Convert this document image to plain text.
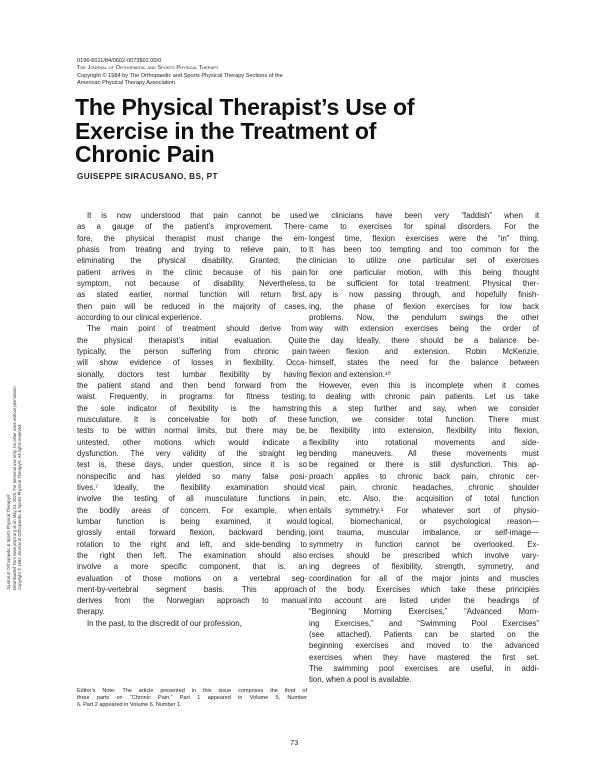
0196-6011/84/0602-0073$02.00/0
The Journal of Orthopaedic and Sports Physical Therapy
Copyright © 1984 by The Orthopaedic and Sports Physical Therapy Sections of the
American Physical Therapy Association
The Physical Therapist’s Use of
Exercise in the Treatment of
Chronic Pain
GUISEPPE SIRACUSANO, BS, PT
It is now understood that pain cannot be used
as a gauge of the patient’s improvement. There-
fore, the physical therapist must change the em-
phasis from treating and trying to relieve pain, to
eliminating the physical disability. Granted, the
patient arrives in the clinic because of his pain
symptom, not because of disability. Nevertheless,
as stated earlier, normal function will return first,
then pain will be reduced in the majority of cases,
according to our clinical experience.
The main point of treatment should derive from
the physical therapist’s initial evaluation. Quite
typically, the person suffering from chronic pain
will show evidence of losses in flexibility. Occa-
sionally, doctors test lumbar flexibility by having
the patient stand and then bend forward from the
waist. Frequently, in programs for fitness testing,
the sole indicator of flexibility is the hamstring
musculature. It is conceivable for both of these
tests to be within normal limits, but there may be,
untested, other motions which would indicate a
dysfunction. The very validity of the straight leg
test is, these days, under question, since it is so
nonspecific and has yielded so many false posi-
tives.⁷ Ideally, the flexibility examination should
involve the testing of all musculature functions in
the bodily areas of concern. For example, when
lumbar function is being examined, it would
grossly entail forward flexion, backward bending,
rotation to the right and left, and side-bending to
the right then left. The examination should also
involve a more specific component, that is, an
evaluation of those motions on a vertebral seg-
ment-by-vertebral segment basis. This approach
derives from the Norwegian approach to manual
therapy.
In the past, to the discredit of our profession,
we clinicians have been very “faddish” when it
came to exercises for spinal disorders. For the
longest time, flexion exercises were the “in” thing.
It has been too tempting and too common for the
clinician to utilize one particular set of exercises
for one particular motion, with this being thought
to be sufficient for total treatment. Physical ther-
apy is now passing through, and hopefully finish-
ing, the phase of flexion exercises for low back
problems. Now, the pendulum swings the other
way with extension exercises being the order of
the day. Ideally, there should be a balance be-
tween flexion and extension. Robin McKenzie,
himself, states the need for the balance between
flexion and extension.¹⁰
However, even this is incomplete when it comes
to dealing with chronic pain patients. Let us take
this a step further and say, when we consider
function, we consider total function. There must
be flexibility into extension, flexibility into flexion,
flexibility into rotational movements and side-
bending maneuvers. All these movements must
be regained or there is still dysfunction. This ap-
proach applies to chronic back pain, chronic cer-
vical pain, chronic headaches, chronic shoulder
pain, etc. Also, the acquisition of total function
entails symmetry.¹ For whatever sort of physio-
logical, biomechanical, or psychological reason—
joint trauma, muscular imbalance, or self-image—
symmetry in function cannot be overlooked. Ex-
ercises should be prescribed which involve vary-
ing degrees of flexibility, strength, symmetry, and
coordination for all of the major joints and muscles
of the body. Exercises which take these principles
into account are listed under the headings of
“Beginning Morning Exercises,” “Advanced Morn-
ing Exercises,” and “Swimming Pool Exercises”
(see attached). Patients can be started on the
beginning exercises and moved to the advanced
exercises when they have mastered the first set.
The swimming pool exercises are useful, in addi-
tion, when a pool is available.
Editor’s Note: The article presented in this issue comprises the third of
three parts on “Chronic Pain.” Part 1 appeared in Volume 5, Number
6. Part 2 appeared in Volume 6, Number 1.
73
Journal of Orthopaedic & Sports Physical Therapy® Downloaded from www.jospt.org at on May 24, 2020. For personal use only. No other uses without permission. Copyright © 1984 Journal of Orthopaedic & Sports Physical Therapy®. All rights reserved.
